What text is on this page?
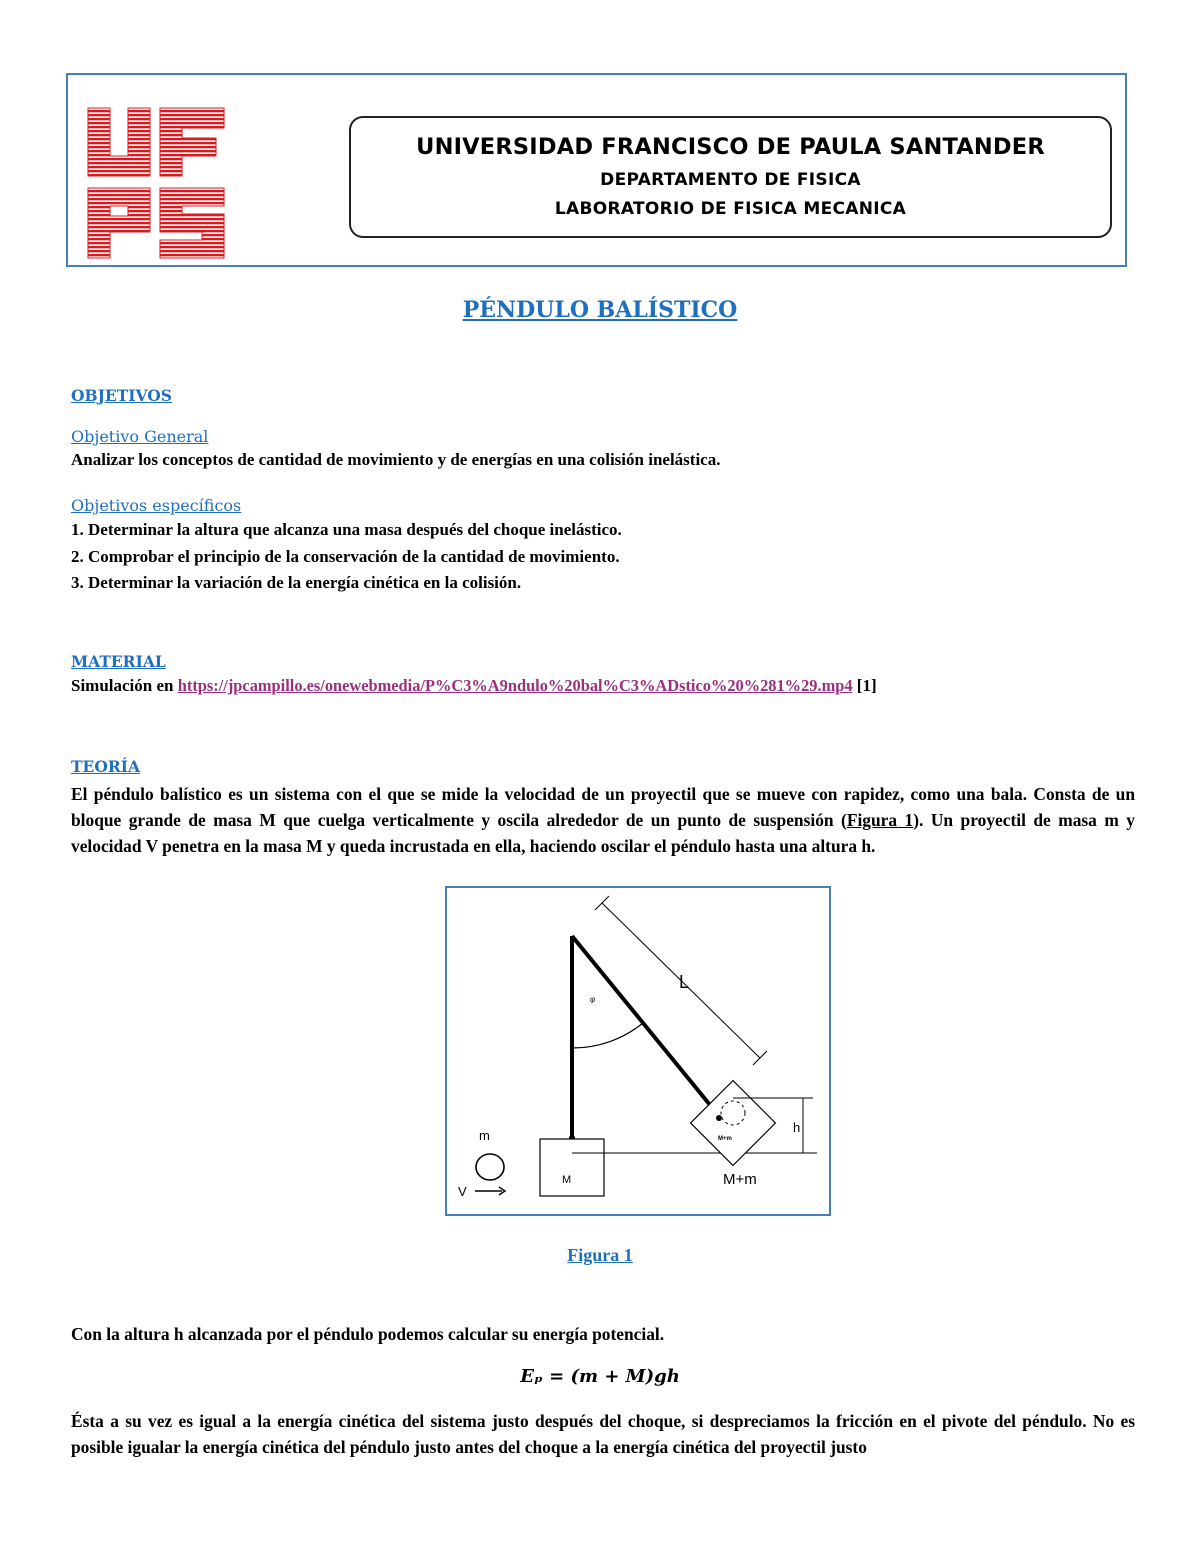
UNIVERSIDAD FRANCISCO DE PAULA SANTANDER
DEPARTAMENTO DE FISICA
LABORATORIO DE FISICA MECANICA
PÉNDULO BALÍSTICO
OBJETIVOS
Objetivo General
Analizar los conceptos de cantidad de movimiento y de energías en una colisión inelástica.
Objetivos específicos
1. Determinar la altura que alcanza una masa después del choque inelástico.
2. Comprobar el principio de la conservación de la cantidad de movimiento.
3. Determinar la variación de la energía cinética en la colisión.
MATERIAL
Simulación en https://jpcampillo.es/onewebmedia/P%C3%A9ndulo%20bal%C3%ADstico%20%281%29.mp4 [1]
TEORÍA
El péndulo balístico es un sistema con el que se mide la velocidad de un proyectil que se mueve con rapidez, como una bala. Consta de un bloque grande de masa M que cuelga verticalmente y oscila alrededor de un punto de suspensión (Figura 1). Un proyectil de masa m y velocidad V penetra en la masa M y queda incrustada en ella, haciendo oscilar el péndulo hasta una altura h.
φ
L
M
M+m
h
M+m
m
V
Figura 1
Con la altura h alcanzada por el péndulo podemos calcular su energía potencial.
Eₚ = (m + M)gh
Ésta a su vez es igual a la energía cinética del sistema justo después del choque, si despreciamos la fricción en el pivote del péndulo. No es posible igualar la energía cinética del péndulo justo antes del choque a la energía cinética del proyectil justo
